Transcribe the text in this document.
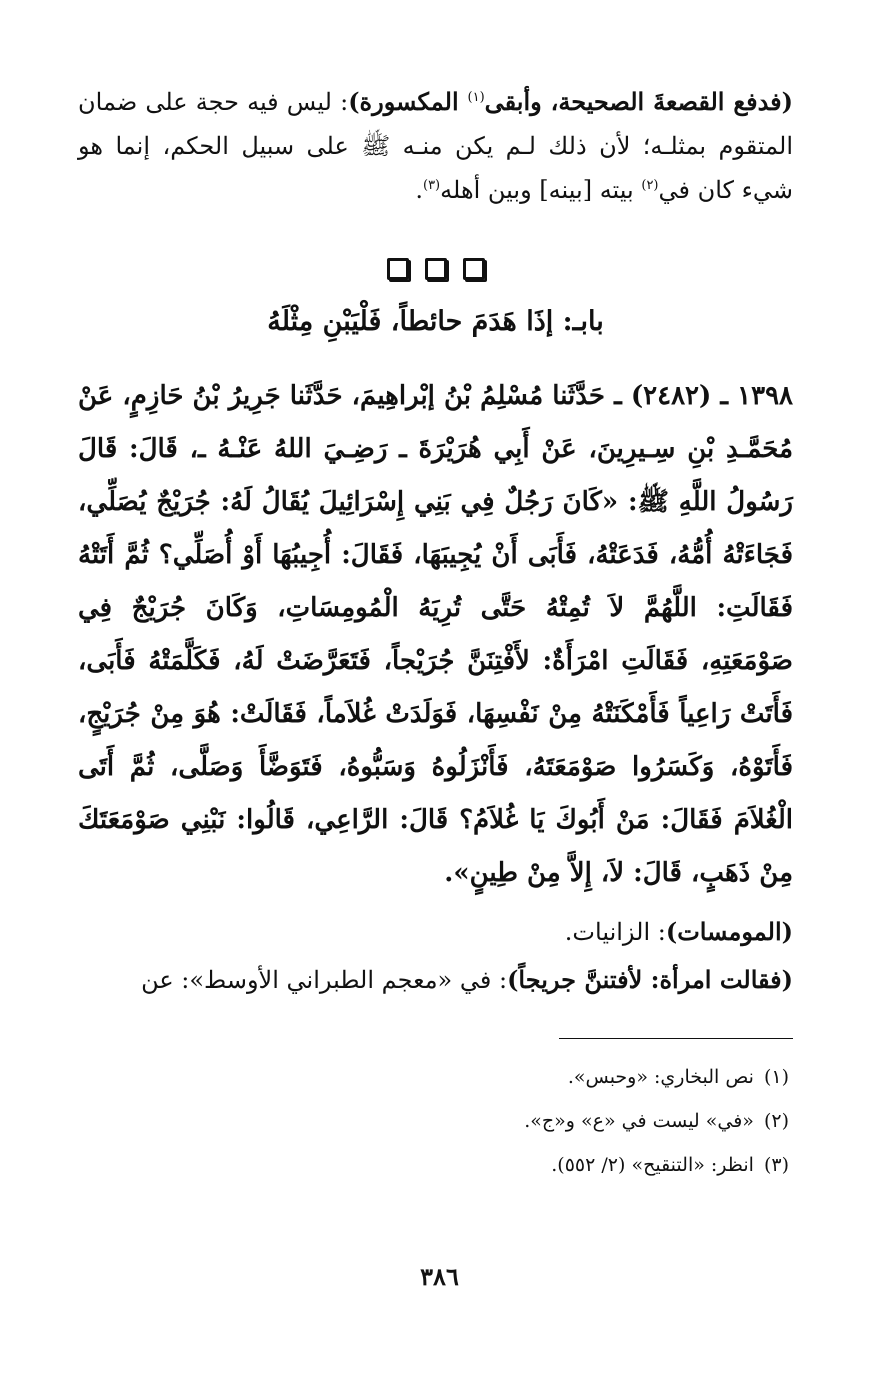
(فدفع القصعةَ الصحيحة، وأبقى$^{(١)}$ المكسورة): ليس فيه حجة على ضمان المتقوم بمثلـه؛ لأن ذلك لـم يكن منـه ﷺ على سبيل الحكم، إنما هو شيء كان في$^{(٢)}$ بيته [بينه] وبين أهله$^{(٣)}$.

بابـ: إذَا هَدَمَ حائطاً، فَلْيَبْنِ مِثْلَهُ

١٣٩٨ ـ (٢٤٨٢) ـ حَدَّثَنا مُسْلِمُ بْنُ إبْراهِيمَ، حَدَّثَنا جَرِيرُ بْنُ حَازِمٍ، عَنْ مُحَمَّـدِ بْنِ سِـيرِينَ، عَنْ أَبِي هُرَيْرَةَ ـ رَضِـيَ اللهُ عَنْـهُ ـ، قَالَ: قَالَ رَسُولُ اللَّهِ ﷺ: «كَانَ رَجُلٌ فِي بَنِي إِسْرَائِيلَ يُقَالُ لَهُ: جُرَيْجٌ يُصَلِّي، فَجَاءَتْهُ أُمُّهُ، فَدَعَتْهُ، فَأَبَى أَنْ يُجِيبَهَا، فَقَالَ: أُجِيبُهَا أَوْ أُصَلِّي؟ ثُمَّ أَتَتْهُ فَقَالَتِ: اللَّهُمَّ لاَ تُمِتْهُ حَتَّى تُرِيَهُ الْمُومِسَاتِ، وَكَانَ جُرَيْجٌ فِي صَوْمَعَتِهِ، فَقَالَتِ امْرَأَةٌ: لأَفْتِنَنَّ جُرَيْجاً، فَتَعَرَّضَتْ لَهُ، فَكَلَّمَتْهُ فَأَبَى، فَأَتَتْ رَاعِياً فَأَمْكَنَتْهُ مِنْ نَفْسِهَا، فَوَلَدَتْ غُلاَماً، فَقَالَتْ: هُوَ مِنْ جُرَيْجٍ، فَأَتَوْهُ، وَكَسَرُوا صَوْمَعَتَهُ، فَأَنْزَلُوهُ وَسَبُّوهُ، فَتَوَضَّأَ وَصَلَّى، ثُمَّ أَتَى الْغُلاَمَ فَقَالَ: مَنْ أَبُوكَ يَا غُلاَمُ؟ قَالَ: الرَّاعِي، قَالُوا: نَبْنِي صَوْمَعَتَكَ مِنْ ذَهَبٍ، قَالَ: لاَ، إِلاَّ مِنْ طِينٍ».

(المومسات): الزانيات.

(فقالت امرأة: لأفتننَّ جريجاً): في «معجم الطبراني الأوسط»: عن

(١)نص البخاري: «وحبس».

(٢)«في» ليست في «ع» و«ج».

(٣)انظر: «التنقيح» (٢/ ٥٥٢).

٣٨٦
